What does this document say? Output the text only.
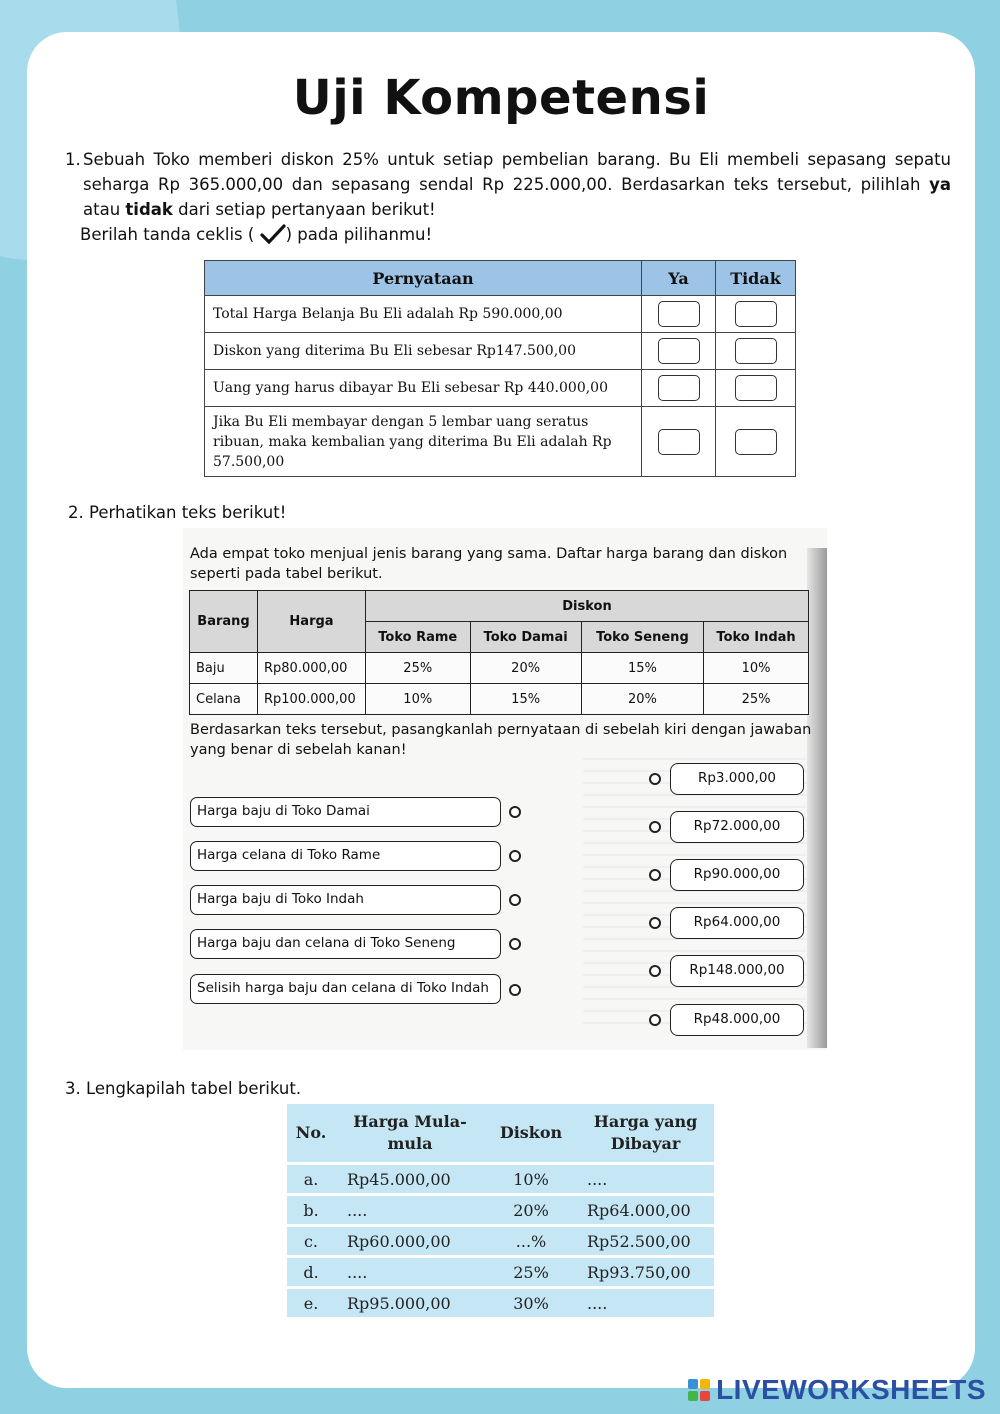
Uji Kompetensi
1. Sebuah Toko memberi diskon 25% untuk setiap pembelian barang. Bu Eli membeli sepasang sepatu seharga Rp 365.000,00 dan sepasang sendal Rp 225.000,00. Berdasarkan teks tersebut, pilihlah ya atau tidak dari setiap pertanyaan berikut!
Berilah tanda ceklis ( ) pada pilihanmu!
Pernyataan	Ya	Tidak
Total Harga Belanja Bu Eli adalah Rp 590.000,00		
Diskon yang diterima Bu Eli sebesar Rp147.500,00		
Uang yang harus dibayar Bu Eli sebesar Rp 440.000,00		
Jika Bu Eli membayar dengan 5 lembar uang seratus ribuan, maka kembalian yang diterima Bu Eli adalah Rp 57.500,00		
2. Perhatikan teks berikut!
Ada empat toko menjual jenis barang yang sama. Daftar harga barang dan diskon seperti pada tabel berikut.
Barang	Harga	Diskon			
		Toko Rame	Toko Damai	Toko Seneng	Toko Indah
Baju	Rp80.000,00	25%	20%	15%	10%
Celana	Rp100.000,00	10%	15%	20%	25%
Berdasarkan teks tersebut, pasangkanlah pernyataan di sebelah kiri dengan jawaban yang benar di sebelah kanan!
Harga baju di Toko Damai
Harga celana di Toko Rame
Harga baju di Toko Indah
Harga baju dan celana di Toko Seneng
Selisih harga baju dan celana di Toko Indah
Rp3.000,00
Rp72.000,00
Rp90.000,00
Rp64.000,00
Rp148.000,00
Rp48.000,00
3. Lengkapilah tabel berikut.
No.	Harga Mula-mula	Diskon	Harga yang Dibayar
a.	Rp45.000,00	10%	....
b.	....	20%	Rp64.000,00
c.	Rp60.000,00	...%	Rp52.500,00
d.	....	25%	Rp93.750,00
e.	Rp95.000,00	30%	....
LIVEWORKSHEETS
